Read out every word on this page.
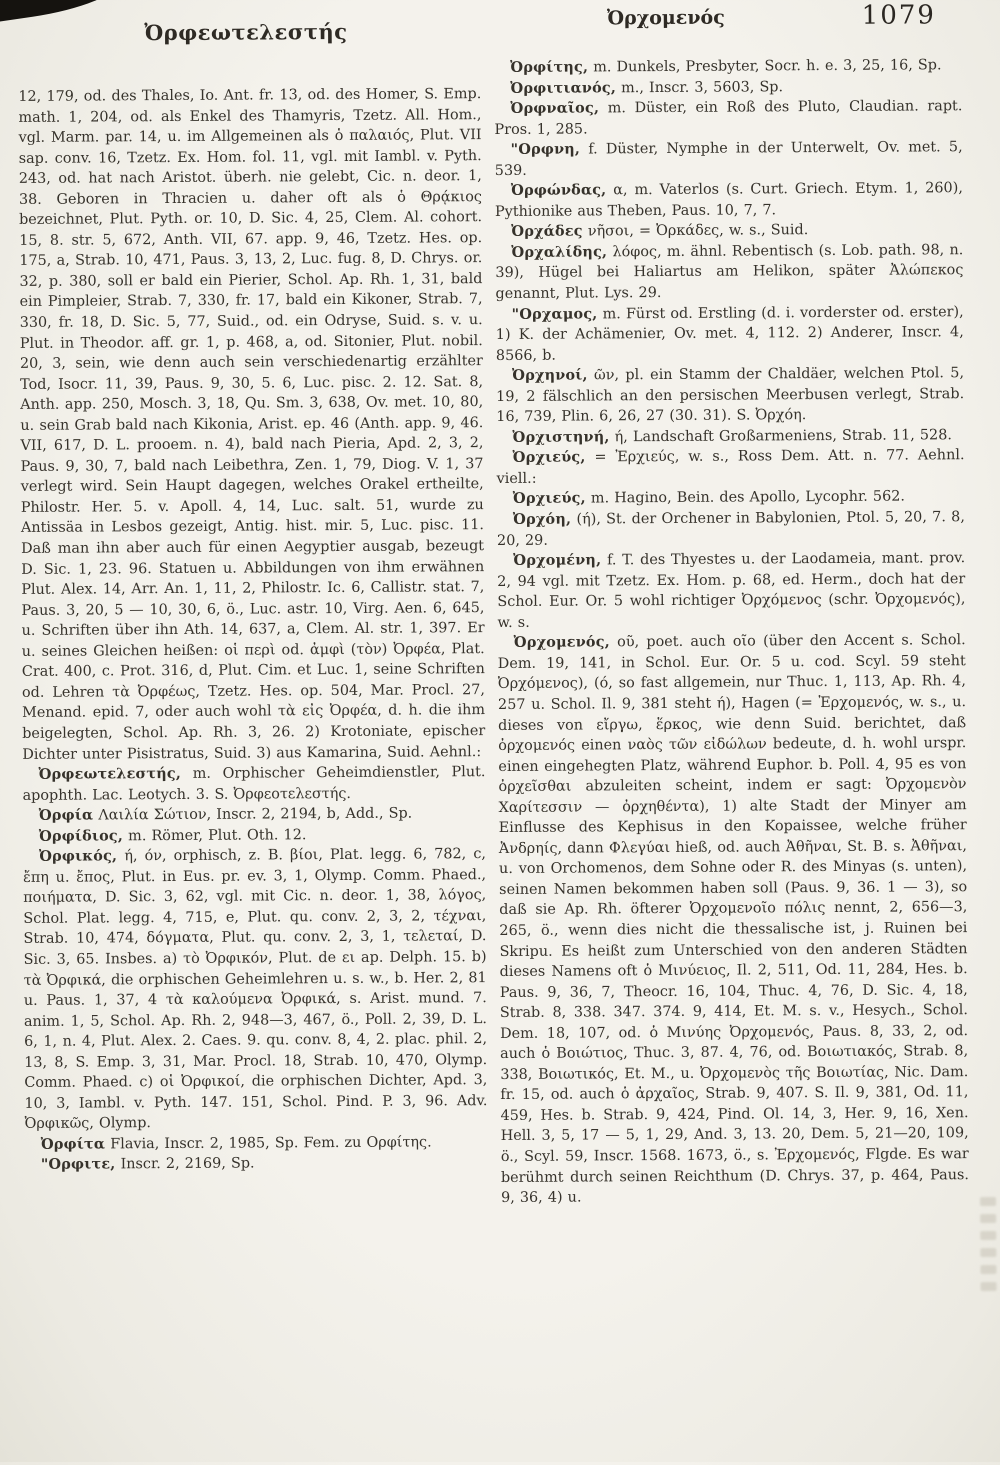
Ὀρφεωτελεστής
Ὀρχομενός	1079

12, 179, od. des Thales, Io. Ant. fr. 13, od. des Homer, S. Emp. math. 1, 204, od. als Enkel des Thamyris, Tzetz. All. Hom., vgl. Marm. par. 14, u. im Allgemeinen als ὁ παλαιός, Plut. VII sap. conv. 16, Tzetz. Ex. Hom. fol. 11, vgl. mit Iambl. v. Pyth. 243, od. hat nach Aristot. überh. nie gelebt, Cic. n. deor. 1, 38. Geboren in Thracien u. daher oft als ὁ Θρᾴκιος bezeichnet, Plut. Pyth. or. 10, D. Sic. 4, 25, Clem. Al. cohort. 15, 8. str. 5, 672, Anth. VII, 67. app. 9, 46, Tzetz. Hes. op. 175, a, Strab. 10, 471, Paus. 3, 13, 2, Luc. fug. 8, D. Chrys. or. 32, p. 380, soll er bald ein Pierier, Schol. Ap. Rh. 1, 31, bald ein Pimpleier, Strab. 7, 330, fr. 17, bald ein Kikoner, Strab. 7, 330, fr. 18, D. Sic. 5, 77, Suid., od. ein Odryse, Suid. s. v. u. Plut. in Theodor. aff. gr. 1, p. 468, a, od. Sitonier, Plut. nobil. 20, 3, sein, wie denn auch sein verschiedenartig erzählter Tod, Isocr. 11, 39, Paus. 9, 30, 5. 6, Luc. pisc. 2. 12. Sat. 8, Anth. app. 250, Mosch. 3, 18, Qu. Sm. 3, 638, Ov. met. 10, 80, u. sein Grab bald nach Kikonia, Arist. ep. 46 (Anth. app. 9, 46. VII, 617, D. L. prooem. n. 4), bald nach Pieria, Apd. 2, 3, 2, Paus. 9, 30, 7, bald nach Leibethra, Zen. 1, 79, Diog. V. 1, 37 verlegt wird. Sein Haupt dagegen, welches Orakel ertheilte, Philostr. Her. 5. v. Apoll. 4, 14, Luc. salt. 51, wurde zu Antissäa in Lesbos gezeigt, Antig. hist. mir. 5, Luc. pisc. 11. Daß man ihn aber auch für einen Aegyptier ausgab, bezeugt D. Sic. 1, 23. 96. Statuen u. Abbildungen von ihm erwähnen Plut. Alex. 14, Arr. An. 1, 11, 2, Philostr. Ic. 6, Callistr. stat. 7, Paus. 3, 20, 5 — 10, 30, 6, ö., Luc. astr. 10, Virg. Aen. 6, 645, u. Schriften über ihn Ath. 14, 637, a, Clem. Al. str. 1, 397. Er u. seines Gleichen heißen: οἱ περὶ od. ἀμφὶ (τὸν) Ὀρφέα, Plat. Crat. 400, c. Prot. 316, d, Plut. Cim. et Luc. 1, seine Schriften od. Lehren τὰ Ὀρφέως, Tzetz. Hes. op. 504, Mar. Procl. 27, Menand. epid. 7, oder auch wohl τὰ εἰς Ὀρφέα, d. h. die ihm beigelegten, Schol. Ap. Rh. 3, 26. 2) Krotoniate, epischer Dichter unter Pisistratus, Suid. 3) aus Kamarina, Suid. Aehnl.:

Ὀρφεωτελεστής, m. Orphischer Geheimdienstler, Plut. apophth. Lac. Leotych. 3. S. Ὀρφεοτελεστής.

Ὀρφία Λαιλία Σώτιον, Inscr. 2, 2194, b, Add., Sp.

Ὀρφίδιος, m. Römer, Plut. Oth. 12.

Ὀρφικός, ή, όν, orphisch, z. B. βίοι, Plat. legg. 6, 782, c, ἔπη u. ἔπος, Plut. in Eus. pr. ev. 3, 1, Olymp. Comm. Phaed., ποιήματα, D. Sic. 3, 62, vgl. mit Cic. n. deor. 1, 38, λόγος, Schol. Plat. legg. 4, 715, e, Plut. qu. conv. 2, 3, 2, τέχναι, Strab. 10, 474, δόγματα, Plut. qu. conv. 2, 3, 1, τελεταί, D. Sic. 3, 65. Insbes. a) τὸ Ὀρφικόν, Plut. de ει ap. Delph. 15. b) τὰ Ὀρφικά, die orphischen Geheimlehren u. s. w., b. Her. 2, 81 u. Paus. 1, 37, 4 τὰ καλούμενα Ὀρφικά, s. Arist. mund. 7. anim. 1, 5, Schol. Ap. Rh. 2, 948—3, 467, ö., Poll. 2, 39, D. L. 6, 1, n. 4, Plut. Alex. 2. Caes. 9. qu. conv. 8, 4, 2. plac. phil. 2, 13, 8, S. Emp. 3, 31, Mar. Procl. 18, Strab. 10, 470, Olymp. Comm. Phaed. c) οἱ Ὀρφικοί, die orphischen Dichter, Apd. 3, 10, 3, Iambl. v. Pyth. 147. 151, Schol. Pind. P. 3, 96. Adv. Ὀρφικῶς, Olymp.

Ὀρφίτα Flavia, Inscr. 2, 1985, Sp. Fem. zu Ορφίτης.

"Ορφιτε, Inscr. 2, 2169, Sp.

Ὀρφίτης, m. Dunkels, Presbyter, Socr. h. e. 3, 25, 16, Sp.

Ὀρφιτιανός, m., Inscr. 3, 5603, Sp.

Ὀρφναῖος, m. Düster, ein Roß des Pluto, Claudian. rapt. Pros. 1, 285.

"Ορφνη, f. Düster, Nymphe in der Unterwelt, Ov. met. 5, 539.

Ὀρφώνδας, α, m. Vaterlos (s. Curt. Griech. Etym. 1, 260), Pythionike aus Theben, Paus. 10, 7, 7.

Ὀρχάδες νῆσοι, = Ὀρκάδες, w. s., Suid.

Ὀρχαλίδης, λόφος, m. ähnl. Rebentisch (s. Lob. path. 98, n. 39), Hügel bei Haliartus am Helikon, später Ἀλώπεκος genannt, Plut. Lys. 29.

"Ορχαμος, m. Fürst od. Erstling (d. i. vorderster od. erster), 1) K. der Achämenier, Ov. met. 4, 112. 2) Anderer, Inscr. 4, 8566, b.

Ὀρχηνοί, ῶν, pl. ein Stamm der Chaldäer, welchen Ptol. 5, 19, 2 fälschlich an den persischen Meerbusen verlegt, Strab. 16, 739, Plin. 6, 26, 27 (30. 31). S. Ὀρχόη.

Ὀρχιστηνή, ή, Landschaft Großarmeniens, Strab. 11, 528.

Ὀρχιεύς, = Ἐρχιεύς, w. s., Ross Dem. Att. n. 77. Aehnl. viell.:

Ὀρχιεύς, m. Hagino, Bein. des Apollo, Lycophr. 562.

Ὀρχόη, (ή), St. der Orchener in Babylonien, Ptol. 5, 20, 7. 8, 20, 29.

Ὀρχομένη, f. T. des Thyestes u. der Laodameia, mant. prov. 2, 94 vgl. mit Tzetz. Ex. Hom. p. 68, ed. Herm., doch hat der Schol. Eur. Or. 5 wohl richtiger Ὀρχόμενος (schr. Ὀρχομενός), w. s.

Ὀρχομενός, οῦ, poet. auch οῖο (über den Accent s. Schol. Dem. 19, 141, in Schol. Eur. Or. 5 u. cod. Scyl. 59 steht Ὀρχόμενος), (ό, so fast allgemein, nur Thuc. 1, 113, Ap. Rh. 4, 257 u. Schol. Il. 9, 381 steht ή), Hagen (= Ἐρχομενός, w. s., u. dieses von εἴργω, ἕρκος, wie denn Suid. berichtet, daß ὀρχομενός einen ναὸς τῶν εἰδώλων bedeute, d. h. wohl urspr. einen eingehegten Platz, während Euphor. b. Poll. 4, 95 es von ὀρχεῖσθαι abzuleiten scheint, indem er sagt: Ὀρχομενὸν Χαρίτεσσιν — ὀρχηθέντα), 1) alte Stadt der Minyer am Einflusse des Kephisus in den Kopaissee, welche früher Ἀνδρηίς, dann Φλεγύαι hieß, od. auch Ἀθῆναι, St. B. s. Ἀθῆναι, u. von Orchomenos, dem Sohne oder R. des Minyas (s. unten), seinen Namen bekommen haben soll (Paus. 9, 36. 1 — 3), so daß sie Ap. Rh. öfterer Ὀρχομενοῖο πόλις nennt, 2, 656—3, 265, ö., wenn dies nicht die thessalische ist, j. Ruinen bei Skripu. Es heißt zum Unterschied von den anderen Städten dieses Namens oft ὁ Μινύειος, Il. 2, 511, Od. 11, 284, Hes. b. Paus. 9, 36, 7, Theocr. 16, 104, Thuc. 4, 76, D. Sic. 4, 18, Strab. 8, 338. 347. 374. 9, 414, Et. M. s. v., Hesych., Schol. Dem. 18, 107, od. ὁ Μινύης Ὀρχομενός, Paus. 8, 33, 2, od. auch ὁ Βοιώτιος, Thuc. 3, 87. 4, 76, od. Βοιωτιακός, Strab. 8, 338, Βοιωτικός, Et. M., u. Ὀρχομενὸς τῆς Βοιωτίας, Nic. Dam. fr. 15, od. auch ὁ ἀρχαῖος, Strab. 9, 407. S. Il. 9, 381, Od. 11, 459, Hes. b. Strab. 9, 424, Pind. Ol. 14, 3, Her. 9, 16, Xen. Hell. 3, 5, 17 — 5, 1, 29, And. 3, 13. 20, Dem. 5, 21—20, 109, ö., Scyl. 59, Inscr. 1568. 1673, ö., s. Ἐρχομενός, Flgde. Es war berühmt durch seinen Reichthum (D. Chrys. 37, p. 464, Paus. 9, 36, 4) u.
